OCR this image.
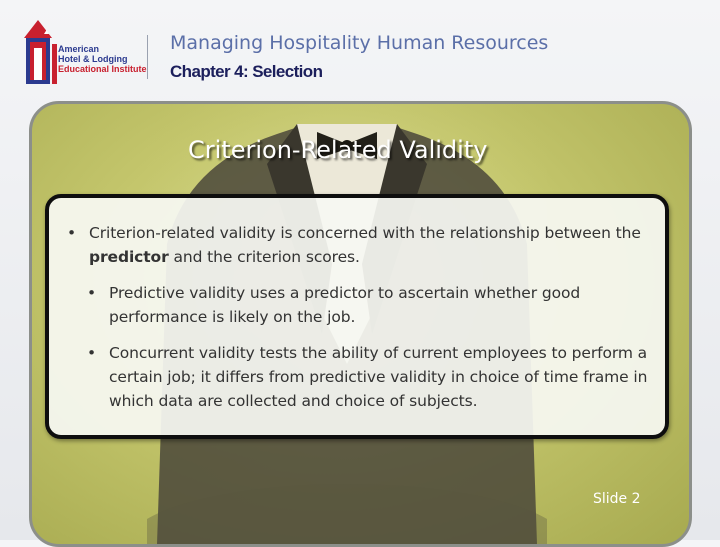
American
Hotel & Lodging
Educational Institute
Managing Hospitality Human Resources
Chapter 4: Selection
Criterion-Related Validity
• Criterion-related validity is concerned with the relationship between the predictor and the criterion scores.
• Predictive validity uses a predictor to ascertain whether good performance is likely on the job.
• Concurrent validity tests the ability of current employees to perform a certain job; it differs from predictive validity in choice of time frame in which data are collected and choice of subjects.
Slide 2
